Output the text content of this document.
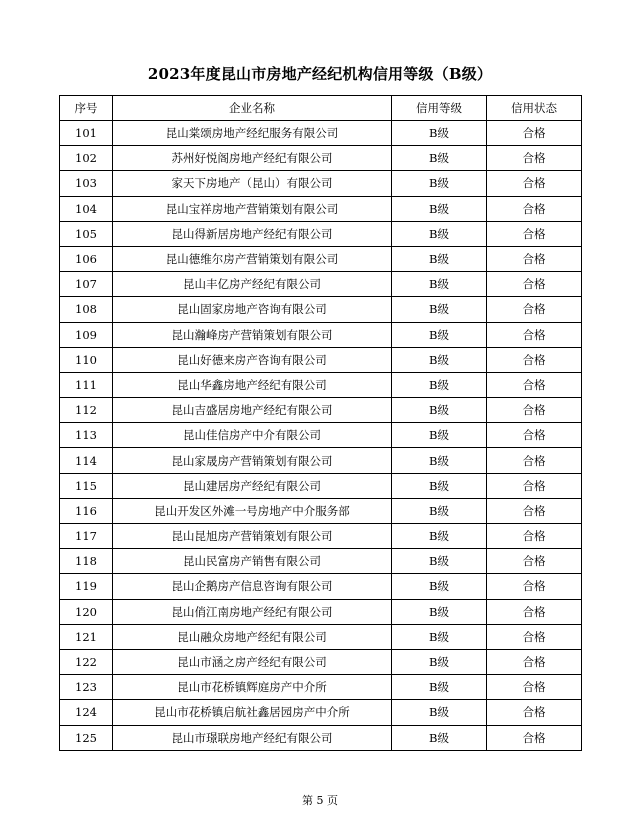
2023年度昆山市房地产经纪机构信用等级（B级）
序号	企业名称	信用等级	信用状态
101	昆山棠颂房地产经纪服务有限公司	B级	合格
102	苏州好悦阁房地产经纪有限公司	B级	合格
103	家天下房地产（昆山）有限公司	B级	合格
104	昆山宝祥房地产营销策划有限公司	B级	合格
105	昆山得新居房地产经纪有限公司	B级	合格
106	昆山德维尔房产营销策划有限公司	B级	合格
107	昆山丰亿房产经纪有限公司	B级	合格
108	昆山固家房地产咨询有限公司	B级	合格
109	昆山瀚峰房产营销策划有限公司	B级	合格
110	昆山好德来房产咨询有限公司	B级	合格
111	昆山华鑫房地产经纪有限公司	B级	合格
112	昆山吉盛居房地产经纪有限公司	B级	合格
113	昆山佳信房产中介有限公司	B级	合格
114	昆山家晟房产营销策划有限公司	B级	合格
115	昆山建居房产经纪有限公司	B级	合格
116	昆山开发区外滩一号房地产中介服务部	B级	合格
117	昆山昆旭房产营销策划有限公司	B级	合格
118	昆山民富房产销售有限公司	B级	合格
119	昆山企鹅房产信息咨询有限公司	B级	合格
120	昆山俏江南房地产经纪有限公司	B级	合格
121	昆山融众房地产经纪有限公司	B级	合格
122	昆山市涵之房产经纪有限公司	B级	合格
123	昆山市花桥镇辉庭房产中介所	B级	合格
124	昆山市花桥镇启航社鑫居园房产中介所	B级	合格
125	昆山市璟联房地产经纪有限公司	B级	合格
第 5 页
